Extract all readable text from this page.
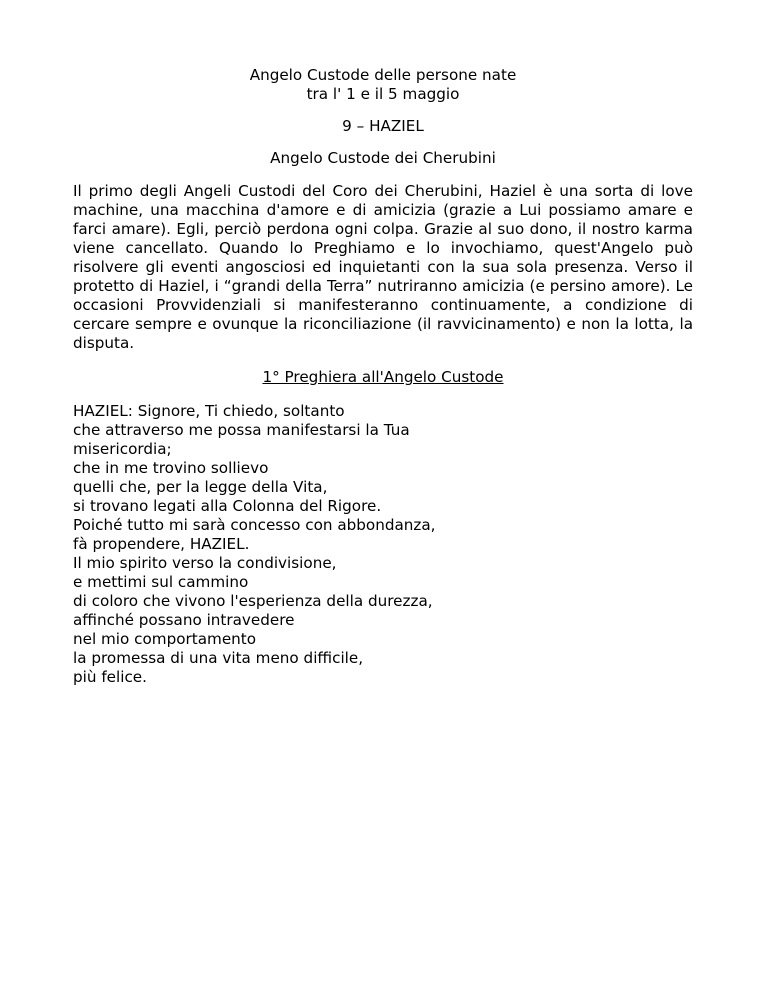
Angelo Custode delle persone nate
tra l' 1 e il 5 maggio
9 – HAZIEL
Angelo Custode dei Cherubini

Il primo degli Angeli Custodi del Coro dei Cherubini, Haziel è una sorta di love machine, una macchina d'amore e di amicizia (grazie a Lui possiamo amare e farci amare). Egli, perciò perdona ogni colpa. Grazie al suo dono, il nostro karma viene cancellato. Quando lo Preghiamo e lo invochiamo, quest'Angelo può risolvere gli eventi angosciosi ed inquietanti con la sua sola presenza. Verso il protetto di Haziel, i “grandi della Terra” nutriranno amicizia (e persino amore). Le occasioni Provvidenziali si manifesteranno continuamente, a condizione di cercare sempre e ovunque la riconciliazione (il ravvicinamento) e non la lotta, la disputa.

1° Preghiera all'Angelo Custode
HAZIEL: Signore, Ti chiedo, soltanto
che attraverso me possa manifestarsi la Tua
misericordia;
che in me trovino sollievo
quelli che, per la legge della Vita,
si trovano legati alla Colonna del Rigore.
Poiché tutto mi sarà concesso con abbondanza,
fà propendere, HAZIEL.
Il mio spirito verso la condivisione,
e mettimi sul cammino
di coloro che vivono l'esperienza della durezza,
affinché possano intravedere
nel mio comportamento
la promessa di una vita meno difficile,
più felice.
